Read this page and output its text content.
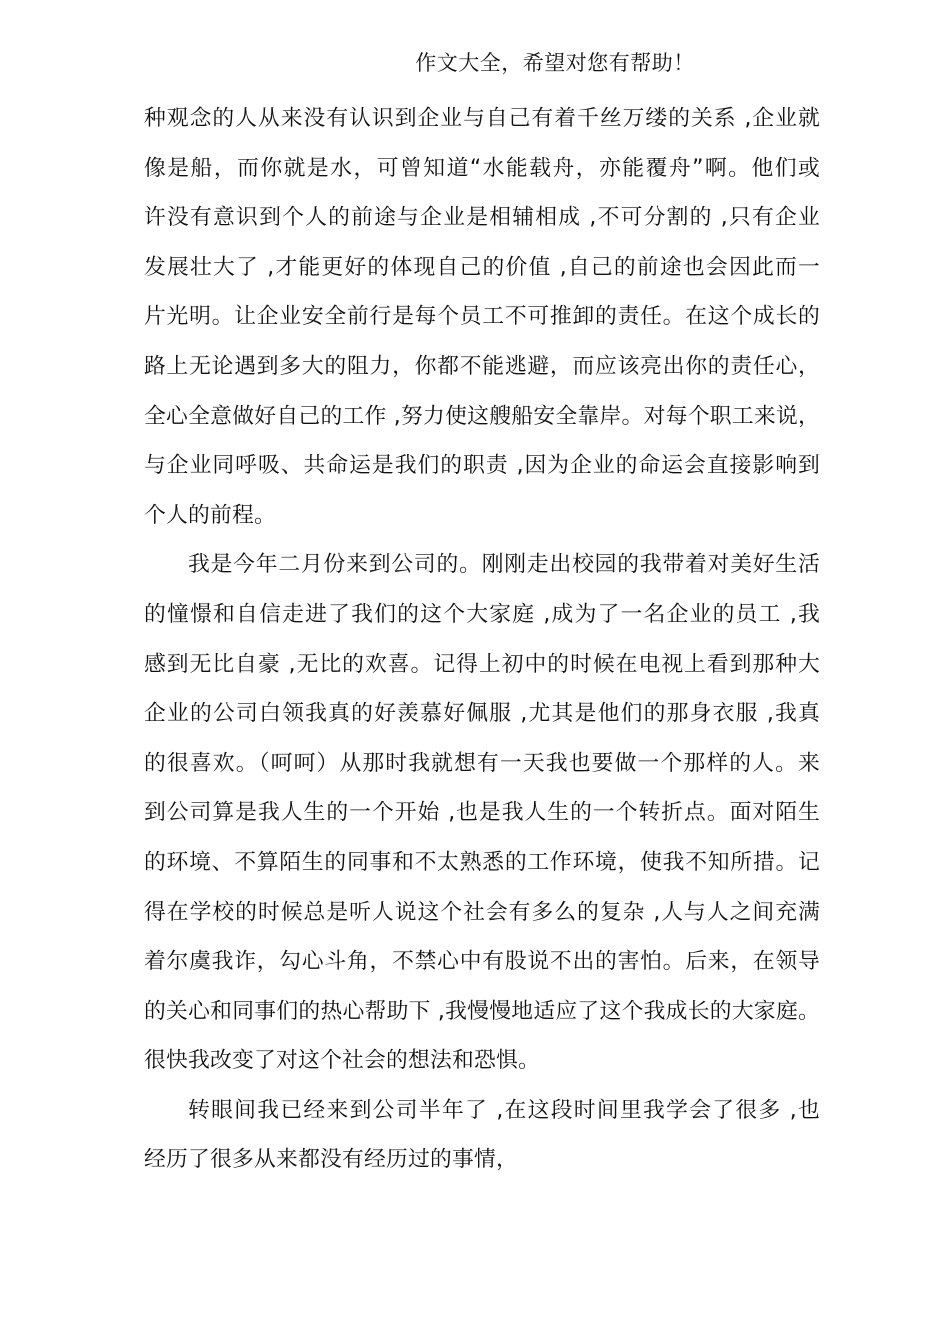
作文大全，希望对您有帮助！
种观念的人从来没有认识到企业与自己有着千丝万缕的关系 ,企业就
像是船，而你就是水，可曾知道“水能载舟，亦能覆舟”啊。他们或
许没有意识到个人的前途与企业是相辅相成 ,不可分割的 ,只有企业
发展壮大了 ,才能更好的体现自己的价值 ,自己的前途也会因此而一
片光明。让企业安全前行是每个员工不可推卸的责任。在这个成长的
路上无论遇到多大的阻力，你都不能逃避，而应该亮出你的责任心，
全心全意做好自己的工作 ,努力使这艘船安全靠岸。对每个职工来说，
与企业同呼吸、共命运是我们的职责 ,因为企业的命运会直接影响到
个人的前程。
我是今年二月份来到公司的。刚刚走出校园的我带着对美好生活
的憧憬和自信走进了我们的这个大家庭 ,成为了一名企业的员工 ,我
感到无比自豪 ,无比的欢喜。记得上初中的时候在电视上看到那种大
企业的公司白领我真的好羡慕好佩服 ,尤其是他们的那身衣服 ,我真
的很喜欢。（呵呵）从那时我就想有一天我也要做一个那样的人。来
到公司算是我人生的一个开始 ,也是我人生的一个转折点。面对陌生
的环境、不算陌生的同事和不太熟悉的工作环境，使我不知所措。记
得在学校的时候总是听人说这个社会有多么的复杂 ,人与人之间充满
着尔虞我诈，勾心斗角，不禁心中有股说不出的害怕。后来，在领导
的关心和同事们的热心帮助下 ,我慢慢地适应了这个我成长的大家庭。
很快我改变了对这个社会的想法和恐惧。
转眼间我已经来到公司半年了 ,在这段时间里我学会了很多 ,也
经历了很多从来都没有经历过的事情，
